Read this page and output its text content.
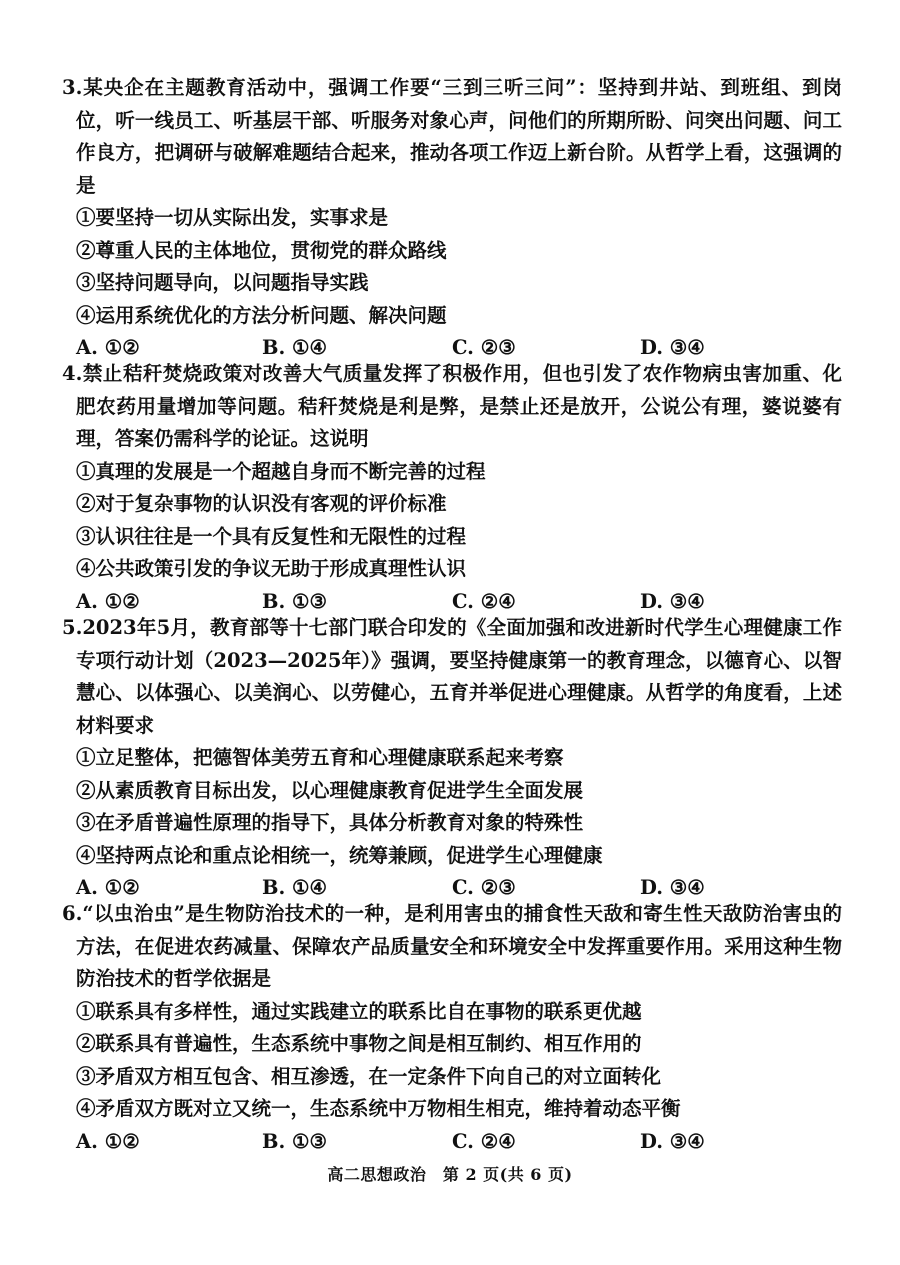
3.某央企在主题教育活动中，强调工作要“三到三听三问”：坚持到井站、到班组、到岗位，听一线员工、听基层干部、听服务对象心声，问他们的所期所盼、问突出问题、问工作良方，把调研与破解难题结合起来，推动各项工作迈上新台阶。从哲学上看，这强调的是

①要坚持一切从实际出发，实事求是

②尊重人民的主体地位，贯彻党的群众路线

③坚持问题导向，以问题指导实践

④运用系统优化的方法分析问题、解决问题

A. ①②	B. ①④	C. ②③	D. ③④

4.禁止秸秆焚烧政策对改善大气质量发挥了积极作用，但也引发了农作物病虫害加重、化肥农药用量增加等问题。秸秆焚烧是利是弊，是禁止还是放开，公说公有理，婆说婆有理，答案仍需科学的论证。这说明

①真理的发展是一个超越自身而不断完善的过程

②对于复杂事物的认识没有客观的评价标准

③认识往往是一个具有反复性和无限性的过程

④公共政策引发的争议无助于形成真理性认识

A. ①②	B. ①③	C. ②④	D. ③④

5.2023年5月，教育部等十七部门联合印发的《全面加强和改进新时代学生心理健康工作专项行动计划（2023—2025年）》强调，要坚持健康第一的教育理念，以德育心、以智慧心、以体强心、以美润心、以劳健心，五育并举促进心理健康。从哲学的角度看，上述材料要求

①立足整体，把德智体美劳五育和心理健康联系起来考察

②从素质教育目标出发，以心理健康教育促进学生全面发展

③在矛盾普遍性原理的指导下，具体分析教育对象的特殊性

④坚持两点论和重点论相统一，统筹兼顾，促进学生心理健康

A. ①②	B. ①④	C. ②③	D. ③④

6.“以虫治虫”是生物防治技术的一种，是利用害虫的捕食性天敌和寄生性天敌防治害虫的方法，在促进农药减量、保障农产品质量安全和环境安全中发挥重要作用。采用这种生物防治技术的哲学依据是

①联系具有多样性，通过实践建立的联系比自在事物的联系更优越

②联系具有普遍性，生态系统中事物之间是相互制约、相互作用的

③矛盾双方相互包含、相互渗透，在一定条件下向自己的对立面转化

④矛盾双方既对立又统一，生态系统中万物相生相克，维持着动态平衡

A. ①②	B. ①③	C. ②④	D. ③④
高二思想政治　第 2 页(共 6 页)
